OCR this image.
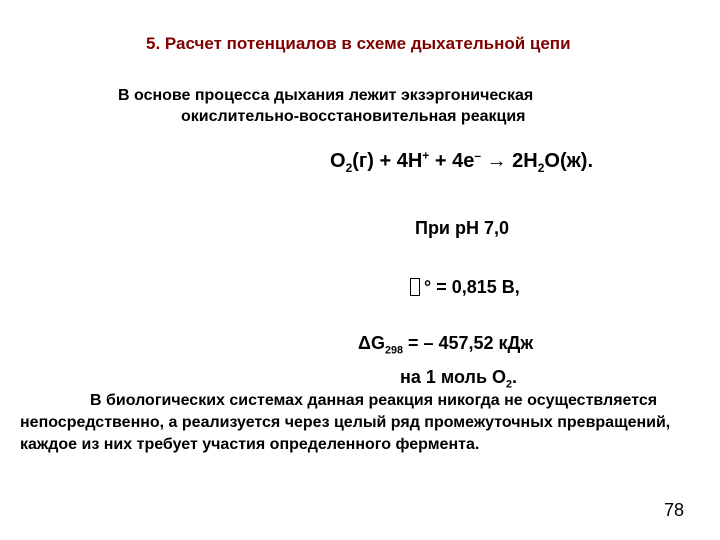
5. Расчет потенциалов в схеме дыхательной цепи
В основе процесса дыхания лежит экзэргоническая
окислительно-восстановительная реакция
$O_2(г) + 4H^+ + 4e^- \to 2H_2O(ж)$.
При рН 7,0
° = 0,815 В,
$\Delta G_{298}$ = – 457,52 кДж
на 1 моль $О_2$.
В биологических системах данная реакция никогда не осуществляется непосредственно, а реализуется через целый ряд промежуточных превращений, каждое из них требует участия определенного фермента.
78
